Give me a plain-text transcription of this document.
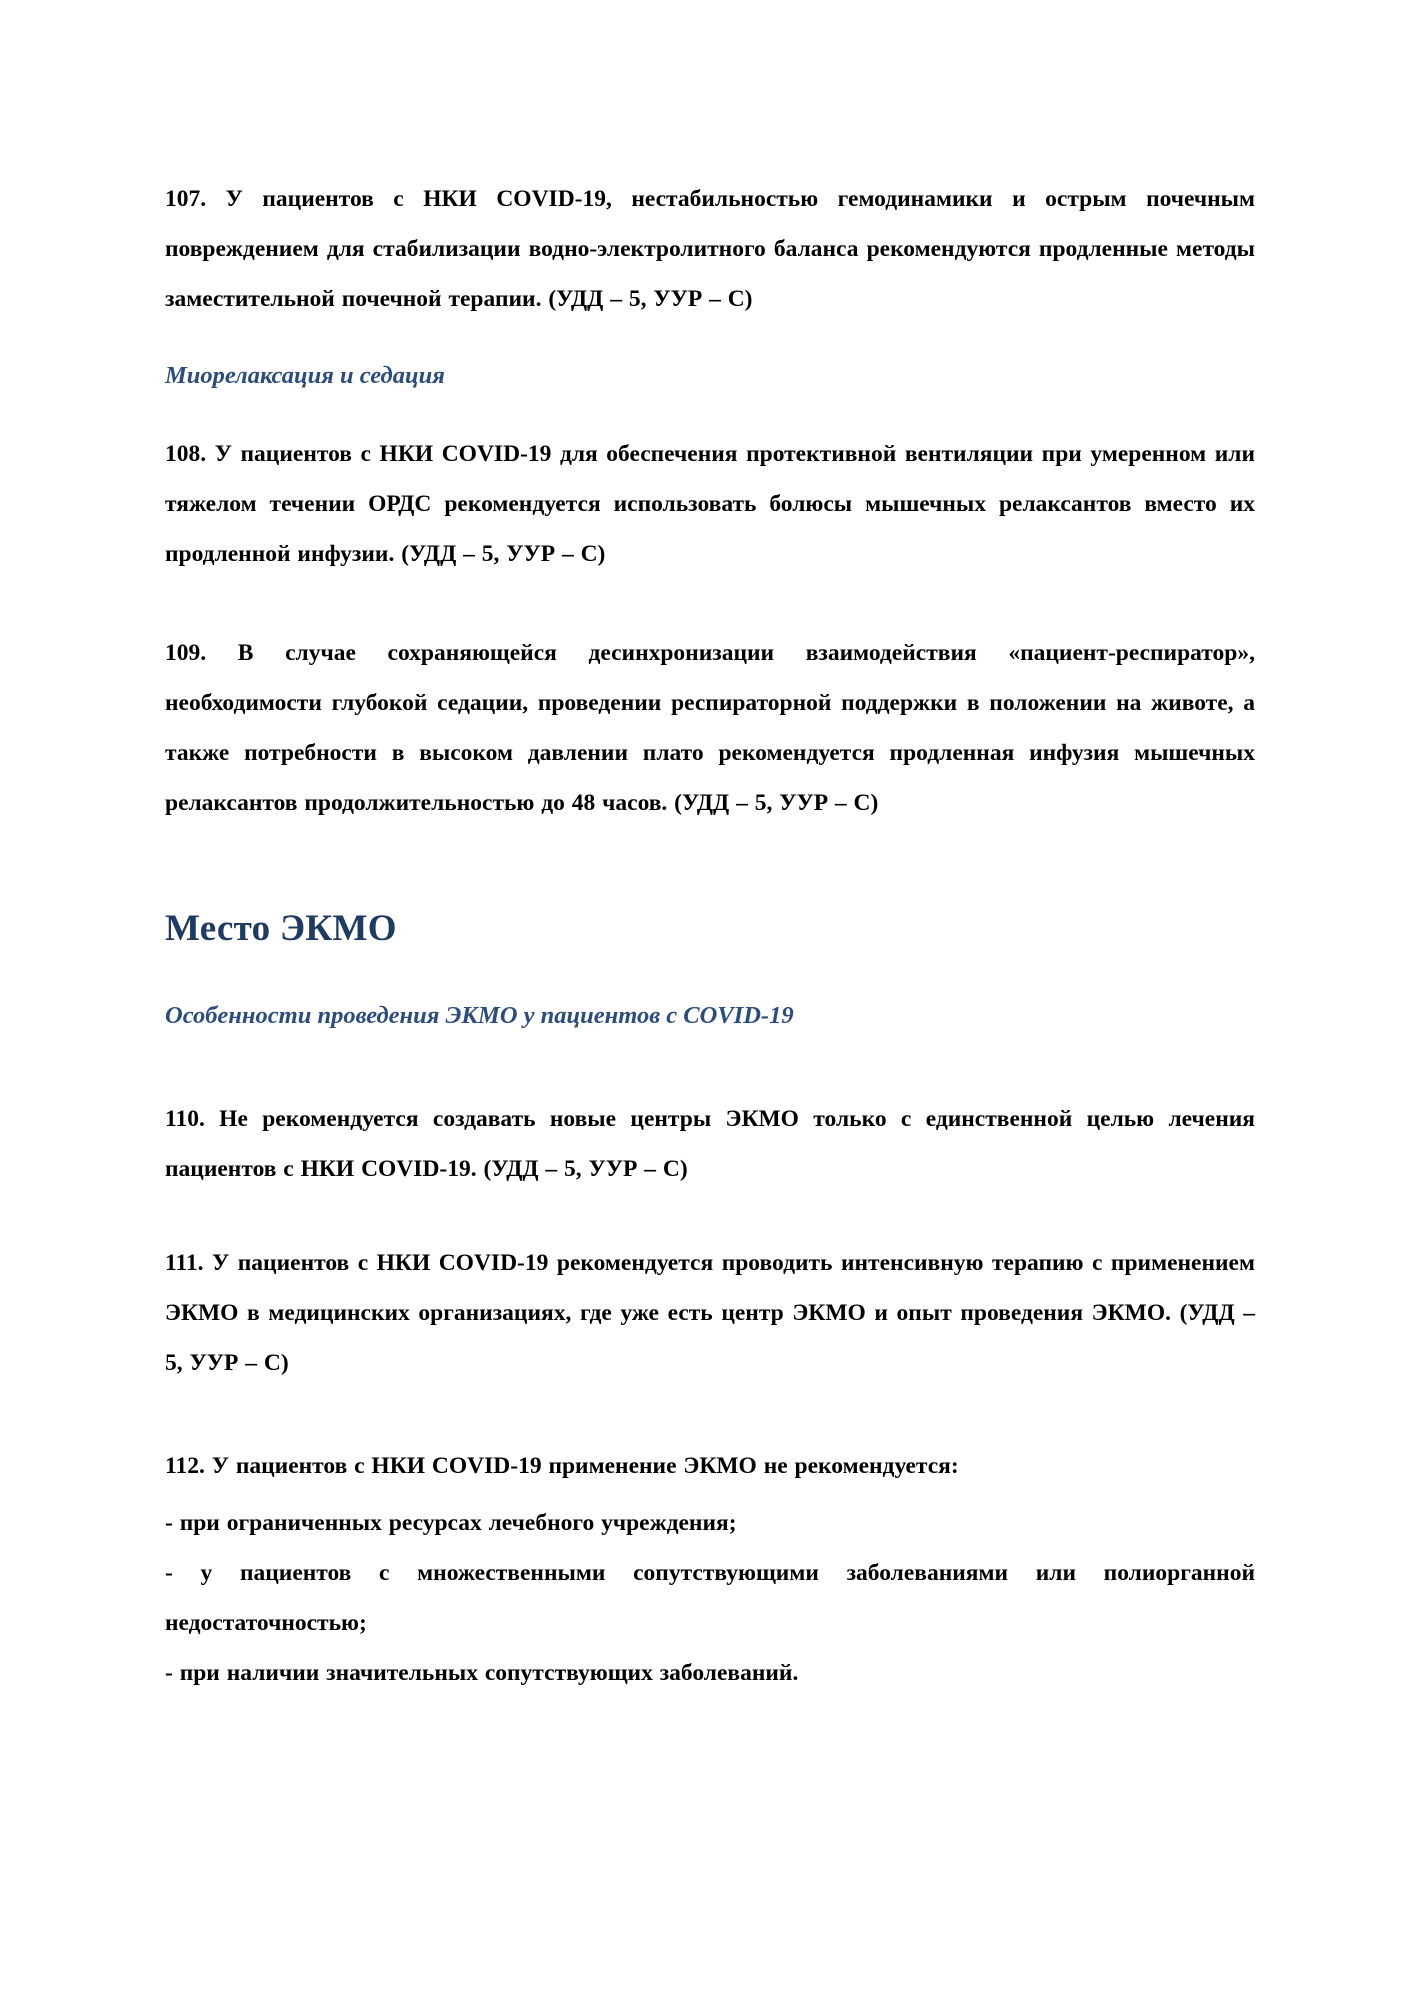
107. У пациентов с НКИ COVID-19, нестабильностью гемодинамики и острым почечным повреждением для стабилизации водно-электролитного баланса рекомендуются продленные методы заместительной почечной терапии. (УДД – 5, УУР – С)

Миорелаксация и седация

108. У пациентов с НКИ COVID-19 для обеспечения протективной вентиляции при умеренном или тяжелом течении ОРДС рекомендуется использовать болюсы мышечных релаксантов вместо их продленной инфузии. (УДД – 5, УУР – С)

109. В случае сохраняющейся десинхронизации взаимодействия «пациент-респиратор», необходимости глубокой седации, проведении респираторной поддержки в положении на животе, а также потребности в высоком давлении плато рекомендуется продленная инфузия мышечных релаксантов продолжительностью до 48 часов. (УДД – 5, УУР – С)

Место ЭКМО
Особенности проведения ЭКМО у пациентов с COVID-19

110. Не рекомендуется создавать новые центры ЭКМО только с единственной целью лечения пациентов с НКИ COVID-19. (УДД – 5, УУР – С)

111. У пациентов с НКИ COVID-19 рекомендуется проводить интенсивную терапию с применением ЭКМО в медицинских организациях, где уже есть центр ЭКМО и опыт проведения ЭКМО. (УДД – 5, УУР – С)

112. У пациентов с НКИ COVID-19 применение ЭКМО не рекомендуется:

- при ограниченных ресурсах лечебного учреждения;

- у пациентов с множественными сопутствующими заболеваниями или полиорганной недостаточностью;

- при наличии значительных сопутствующих заболеваний.
